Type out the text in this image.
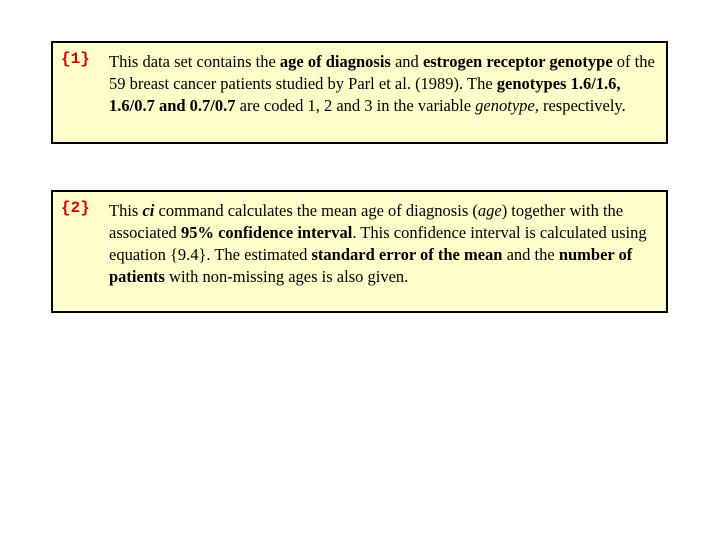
{1} This data set contains the age of diagnosis and estrogen receptor genotype of the 59 breast cancer patients studied by Parl et al. (1989). The genotypes 1.6/1.6, 1.6/0.7 and 0.7/0.7 are coded 1, 2 and 3 in the variable genotype, respectively.
{2} This ci command calculates the mean age of diagnosis (age) together with the associated 95% confidence interval. This confidence interval is calculated using equation {9.4}. The estimated standard error of the mean and the number of patients with non-missing ages is also given.
